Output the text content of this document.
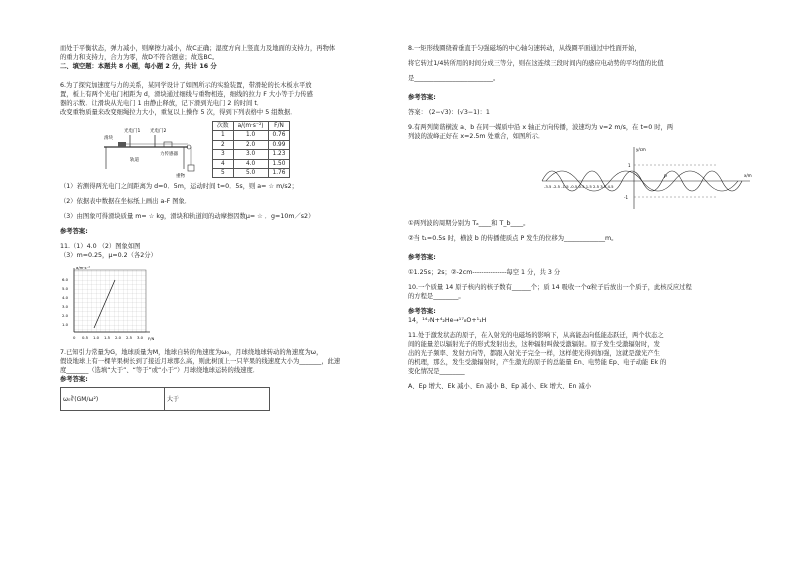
而处于平衡状态，弹力减小，则摩擦力减小，故C正确；湿度方向上竖直力及地面的支持力，再物体

的重力和支持力，合力为零，故D不符合题意；故选BC。

二、填空题：本题共 8 小题，每小题 2 分，共计 16 分

6.为了探究加速度与力的关系，某同学设计了如图所示的实验装置，带滑轮的长木板水平放

置，板上有两个光电门相距为 d，滑块通过细线与重物相连，细线的拉力 F 大小等于力传感

器的示数．让滑块从光电门 1 由静止释放，记下滑到光电门 2 的时间 t．

改变重物质量来改变细绳拉力大小，重复以上操作 5 次，得到下列表格中 5 组数据．

光电门1 光电门2
滑块
力传感器
轨道
重物
次数	a/(m·s⁻²)	F/N
1	1.0	0.76
2	2.0	0.99
3	3.0	1.23
4	4.0	1.50
5	5.0	1.76

（1）若测得两光电门之间距离为 d=0．5m，运动时间 t=0．5s，则 a= ☆ m/s2；

（2）依据表中数据在坐标纸上画出 a-F 图象．

（3）由图象可得滑块质量 m= ☆ kg，滑块和轨道间的动摩擦因数μ= ☆ ．g=10m／s2）

参考答案:

11.（1）4.0 （2）图象如图

（3）m=0.25，μ=0.2（各2分）

a/m·s⁻²
F/N
6.0
5.0
4.0
3.0
2.0
1.0
0 0.5 1.0 1.5 2.0 2.5 3.0

7.已知引力常量为G，地球质量为M，地球自转的角速度为ω₀，月球绕地球转动的角速度为ω，

假设地球上有一棵苹果树长到了接近月球那么高，则此树顶上一只苹果的线速度大小为_______，此速

度_______（选填“大于”、“等于”或“小于”）月球绕地球运转的线速度．

参考答案:

ω₀∛(GM/ω²)	大于

8.一矩形线圈绕着垂直于匀强磁场的中心轴匀速转动，从线圈平面通过中性面开始，

将它转过1/4转所用的时间分成三等分，则在这连续三段时间内的感应电动势的平均值的比值

是_________________________。

参考答案:

答案： (2−√3)：(√3−1)：1

9.有两列简谐横波 a、b 在同一媒质中沿 x 轴正方向传播，波速均为 v=2 m/s，在 t=0 时，两

列波的波峰正好在 x=2.5m 处重合，如图所示．

y/cm
x/m
1
-1
P
-3.5 -2.5 -1.5 -0.5 0.5 1.5 2.5 3.5 4.5

①两列波的周期分别为 Tₐ____和 T_b____。

②当 t₁=0.5s 时，横波 b 的传播使质点 P 发生的位移为_____________m。

参考答案:

①1.25s；2s；②-2cm---------------每空 1 分，共 3 分

10.一个质量 14 原子核内的核子数有______个；质 14 吸收一个α粒子后放出一个质子，此核反应过程

的方程是________。

参考答案:

14，¹⁴₇N+⁴₂He→¹⁷₈O+¹₁H

11.处于激发状态的原子，在入射光的电磁场的影响下，从高能态向低能态跃迁，两个状态之

间的能量差以辐射光子的形式发射出去，这种辐射叫做受激辐射。原子发生受激辐射时，发

出的光子频率、发射方向等，都跟入射光子完全一样，这样使光得到加强，这就是激光产生

的机理，那么，发生受激辐射时，产生激光的原子的总能量 En、电势能 Ep、电子动能 Ek 的

变化情况是________

A、Ep 增大、Ek 减小、En 减小 B、Ep 减小、Ek 增大、En 减小
